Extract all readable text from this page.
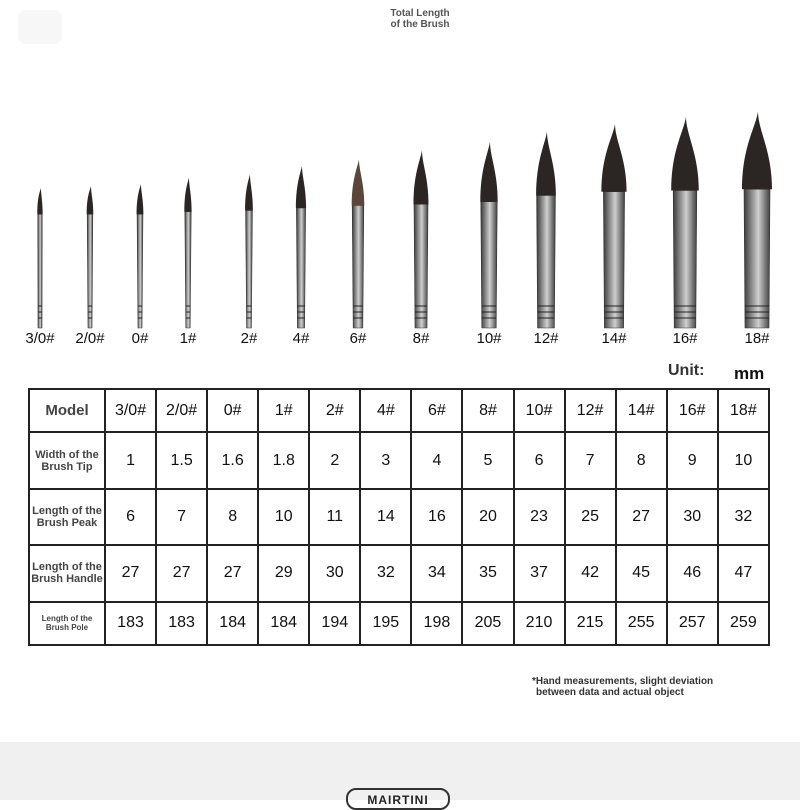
Total Length
of the Brush
3/0#	2/0#	0#	1#	2#	4#	6#	8#	10#	12#	14#	16#	18#
Unit: mm
Model	3/0#	2/0#	0#	1#	2#	4#	6#	8#	10#	12#	14#	16#	18#
Width of the
Brush Tip	1	1.5	1.6	1.8	2	3	4	5	6	7	8	9	10
Length of the
Brush Peak	6	7	8	10	11	14	16	20	23	25	27	30	32
Length of the
Brush Handle	27	27	27	29	30	32	34	35	37	42	45	46	47
Length of the
Brush Pole	183	183	184	184	194	195	198	205	210	215	255	257	259
*Hand measurements, slight deviation
between data and actual object
MAIRTINI
